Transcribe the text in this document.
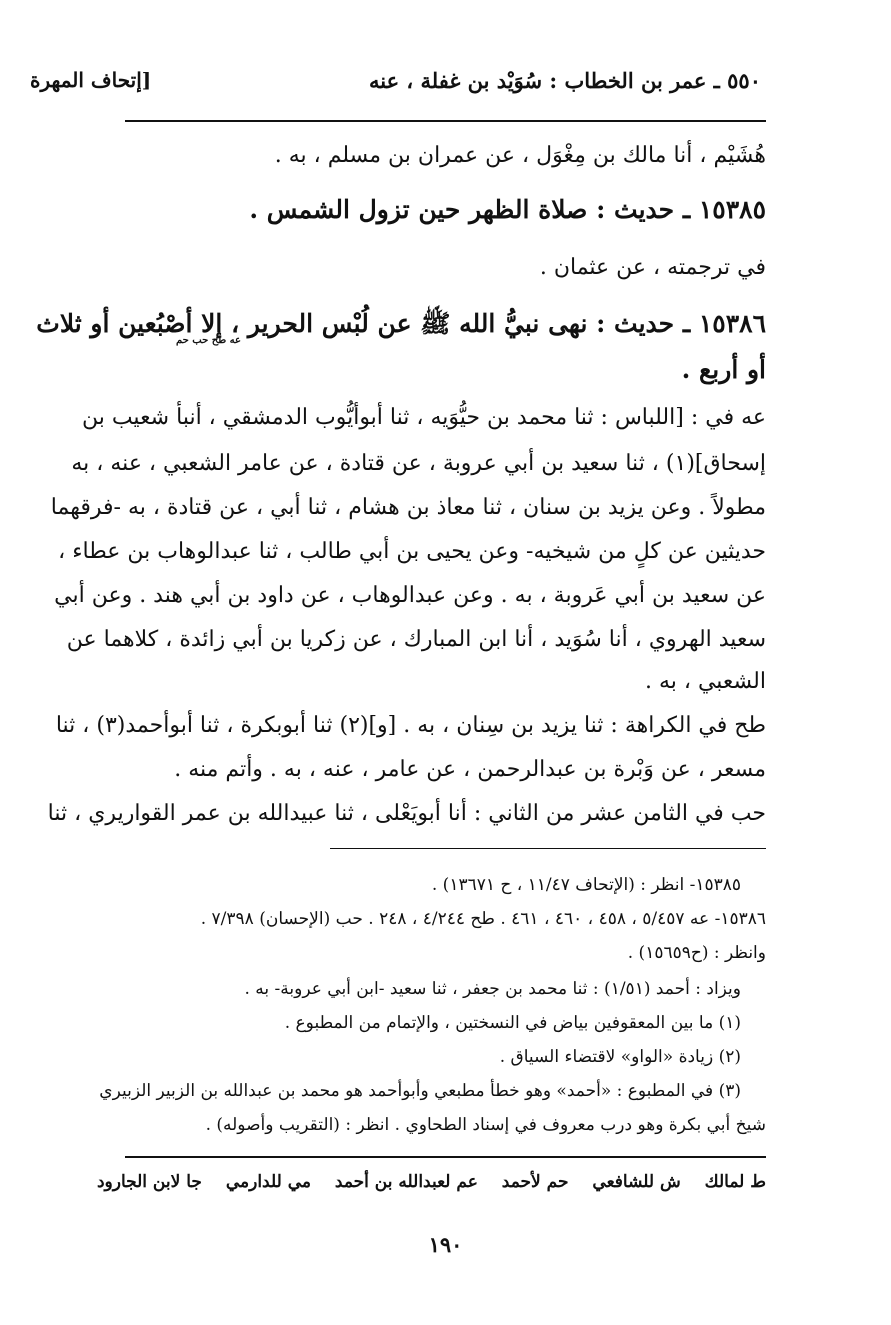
٥٥٠ ـ عمر بن الخطاب : سُوَيْد بن غفلة ، عنه
[إتحاف المهرة
هُشَيْم ، أنا مالك بن مِغْوَل ، عن عمران بن مسلم ، به .
١٥٣٨٥ ـ حديث : صلاة الظهر حين تزول الشمس .
في ترجمته ، عن عثمان .
١٥٣٨٦ ـ حديث : نهى نبيُّ الله ﷺ عن لُبْس الحرير ، إلا أصْبُعين أو ثلاث
عه طح حب حم
أو أربع .
عه في : [اللباس : ثنا محمد بن حيُّوَيه ، ثنا أبوأيُّوب الدمشقي ، أنبأ شعيب بن
إسحاق](١) ، ثنا سعيد بن أبي عروبة ، عن قتادة ، عن عامر الشعبي ، عنه ، به
مطولاً . وعن يزيد بن سنان ، ثنا معاذ بن هشام ، ثنا أبي ، عن قتادة ، به -فرقهما
حديثين عن كلٍ من شيخيه- وعن يحيى بن أبي طالب ، ثنا عبدالوهاب بن عطاء ،
عن سعيد بن أبي عَروبة ، به . وعن عبدالوهاب ، عن داود بن أبي هند . وعن أبي
سعيد الهروي ، أنا سُوَيد ، أنا ابن المبارك ، عن زكريا بن أبي زائدة ، كلاهما عن
الشعبي ، به .
طح في الكراهة : ثنا يزيد بن سِنان ، به . [و](٢) ثنا أبوبكرة ، ثنا أبوأحمد(٣) ، ثنا
مسعر ، عن وَبْرة بن عبدالرحمن ، عن عامر ، عنه ، به . وأتم منه .
حب في الثامن عشر من الثاني : أنا أبويَعْلى ، ثنا عبيدالله بن عمر القواريري ، ثنا
١٥٣٨٥- انظر : (الإتحاف ١١/٤٧ ، ح ١٣٦٧١) .
١٥٣٨٦- عه ٥/٤٥٧ ، ٤٥٨ ، ٤٦٠ ، ٤٦١ . طح ٤/٢٤٤ ، ٢٤٨ . حب (الإحسان) ٧/٣٩٨ .
وانظر : (ح١٥٦٥٩) .
ويزاد : أحمد (١/٥١) : ثنا محمد بن جعفر ، ثنا سعيد -ابن أبي عروبة- به .
(١) ما بين المعقوفين بياض في النسختين ، والإتمام من المطبوع .
(٢) زيادة «الواو» لاقتضاء السياق .
(٣) في المطبوع : «أحمد» وهو خطأ مطبعي وأبوأحمد هو محمد بن عبدالله بن الزبير الزبيري
شيخ أبي بكرة وهو درب معروف في إسناد الطحاوي . انظر : (التقريب وأصوله) .
ط لمالك ش للشافعي حم لأحمد عم لعبدالله بن أحمد مي للدارمي جا لابن الجارود
١٩٠
